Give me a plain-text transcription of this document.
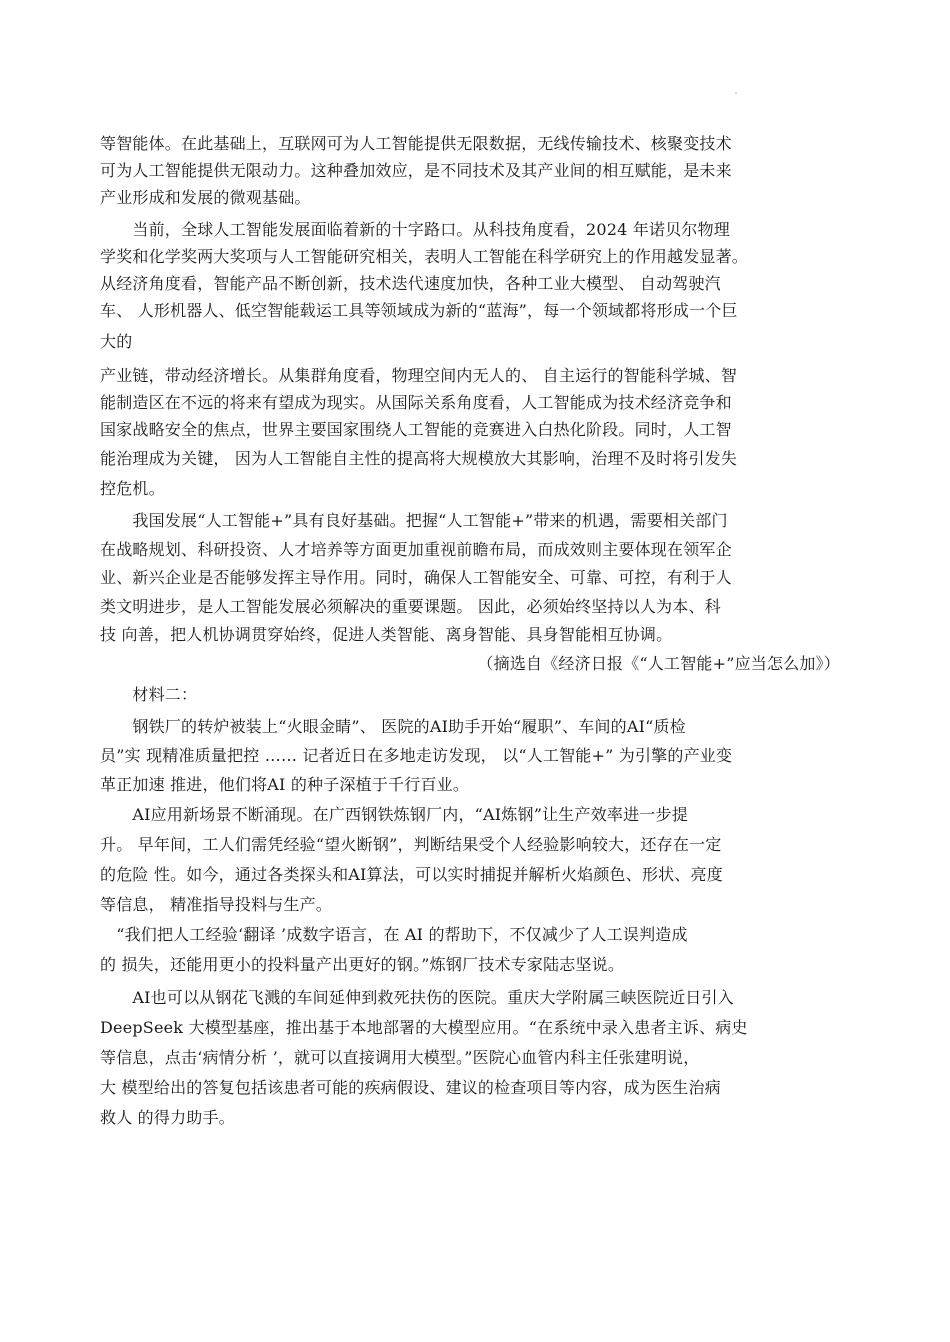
等智能体。在此基础上，互联网可为人工智能提供无限数据，无线传输技术、核聚变技术
可为人工智能提供无限动力。这种叠加效应，是不同技术及其产业间的相互赋能，是未来
产业形成和发展的微观基础。
　　当前，全球人工智能发展面临着新的十字路口。从科技角度看，2024 年诺贝尔物理
学奖和化学奖两大奖项与人工智能研究相关，表明人工智能在科学研究上的作用越发显著。
从经济角度看，智能产品不断创新，技术迭代速度加快，各种工业大模型、 自动驾驶汽
车、 人形机器人、低空智能载运工具等领域成为新的“蓝海”，每一个领域都将形成一个巨
大的
产业链，带动经济增长。从集群角度看，物理空间内无人的、 自主运行的智能科学城、智
能制造区在不远的将来有望成为现实。从国际关系角度看，人工智能成为技术经济竞争和
国家战略安全的焦点，世界主要国家围绕人工智能的竞赛进入白热化阶段。同时，人工智
能治理成为关键， 因为人工智能自主性的提高将大规模放大其影响，治理不及时将引发失
控危机。
　　我国发展“人工智能+”具有良好基础。把握“人工智能+”带来的机遇，需要相关部门
在战略规划、科研投资、人才培养等方面更加重视前瞻布局，而成效则主要体现在领军企
业、新兴企业是否能够发挥主导作用。同时，确保人工智能安全、可靠、可控，有利于人
类文明进步，是人工智能发展必须解决的重要课题。 因此，必须始终坚持以人为本、科
技 向善，把人机协调贯穿始终，促进人类智能、离身智能、具身智能相互协调。
（摘选自《经济日报《“人工智能+”应当怎么加》）
　　材料二：
　　钢铁厂的转炉被装上“火眼金睛”、 医院的AI助手开始“履职”、车间的AI“质检
员”实 现精准质量把控 …… 记者近日在多地走访发现， 以“人工智能+” 为引擎的产业变
革正加速 推进，他们将AI 的种子深植于千行百业。
　　AI应用新场景不断涌现。在广西钢铁炼钢厂内，“AI炼钢”让生产效率进一步提
升。 早年间，工人们需凭经验“望火断钢”，判断结果受个人经验影响较大，还存在一定
的危险 性。如今，通过各类探头和AI算法，可以实时捕捉并解析火焰颜色、形状、亮度
等信息， 精准指导投料与生产。
　“我们把人工经验‘翻译 ’成数字语言，在 AI 的帮助下，不仅减少了人工误判造成
的 损失，还能用更小的投料量产出更好的钢。”炼钢厂技术专家陆志坚说。
　　AI也可以从钢花飞溅的车间延伸到救死扶伤的医院。重庆大学附属三峡医院近日引入
DeepSeek 大模型基座，推出基于本地部署的大模型应用。“在系统中录入患者主诉、病史
等信息，点击‘病情分析 ’，就可以直接调用大模型。”医院心血管内科主任张建明说，
大 模型给出的答复包括该患者可能的疾病假设、建议的检查项目等内容，成为医生治病
救人 的得力助手。
